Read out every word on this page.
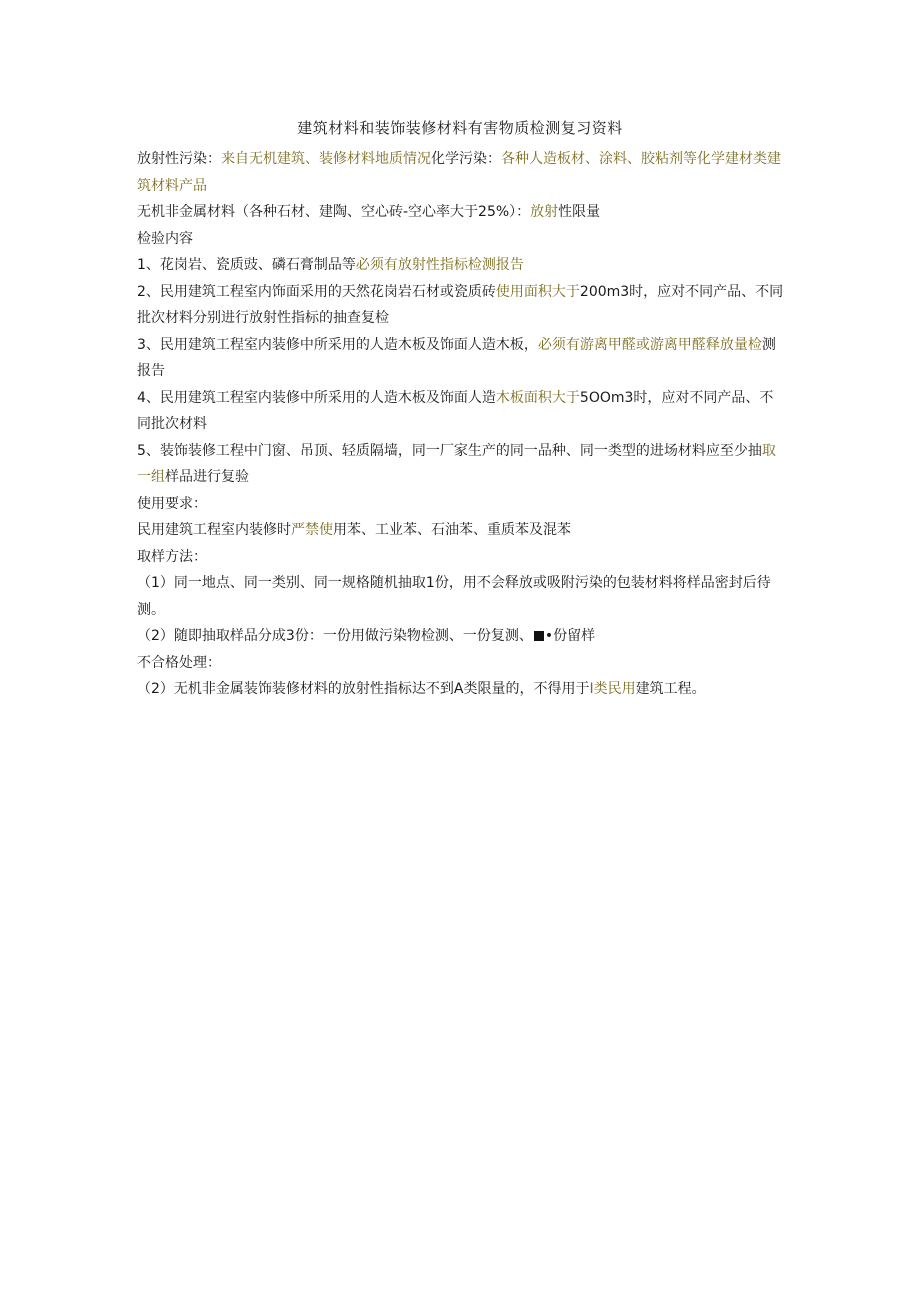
建筑材料和装饰装修材料有害物质检测复习资料

放射性污染：来自无机建筑、装修材料地质情况化学污染：各种人造板材、涂料、胶粘剂等化学建材类建筑材料产品

无机非金属材料（各种石材、建陶、空心砖-空心率大于25%）：放射性限量

检验内容

1、花岗岩、瓷质豉、磷石膏制品等必须有放射性指标检测报告

2、民用建筑工程室内饰面采用的天然花岗岩石材或瓷质砖使用面积大于200m3时，应对不同产品、不同批次材料分别进行放射性指标的抽查复检

3、民用建筑工程室内装修中所采用的人造木板及饰面人造木板，必须有游离甲醛或游离甲醛释放量检测报告

4、民用建筑工程室内装修中所采用的人造木板及饰面人造木板面积大于5OOm3时，应对不同产品、不同批次材料

5、装饰装修工程中门窗、吊顶、轻质隔墙，同一厂家生产的同一品种、同一类型的进场材料应至少抽取一组样品进行复验

使用要求：

民用建筑工程室内装修时严禁使用苯、工业苯、石油苯、重质苯及混苯

取样方法：

（1）同一地点、同一类别、同一规格随机抽取1份，用不会释放或吸附污染的包装材料将样品密封后待测。

（2）随即抽取样品分成3份：一份用做污染物检测、一份复测、 •份留样

不合格处理：

（2）无机非金属装饰装修材料的放射性指标达不到A类限量的，不得用于I类民用建筑工程。
